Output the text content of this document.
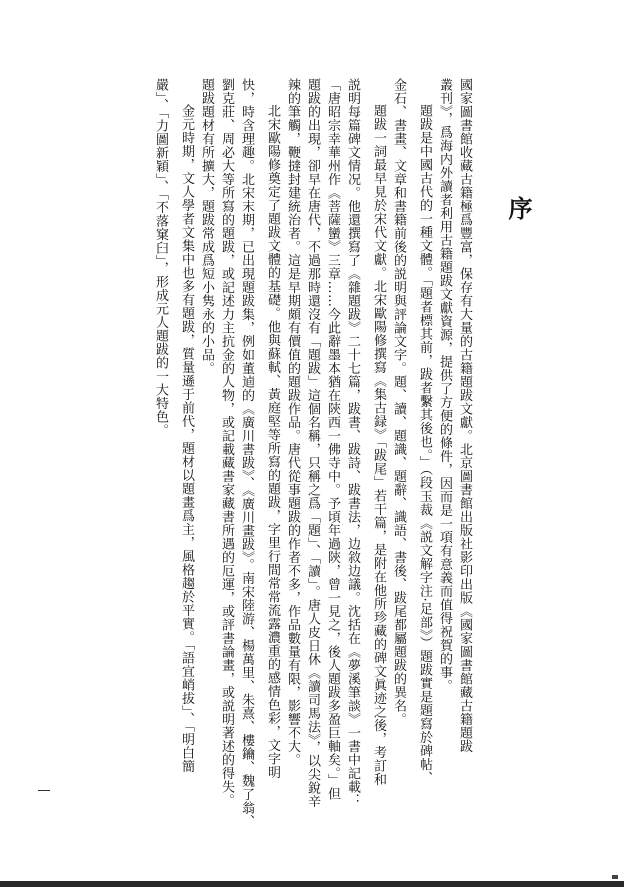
序
國家圖書館收藏古籍極爲豐富，保存有大量的古籍題跋文獻。北京圖書館出版社影印出版《國家圖書館藏古籍題跋
叢刊》，爲海内外讀者利用古籍題跋文獻資源，提供了方便的條件，因而是一項有意義而值得祝賀的事。
題跋是中國古代的一種文體。「題者標其前，跋者繫其後也。」（段玉裁《説文解字注·足部》）題跋實是題寫於碑帖、
金石、書畫、文章和書籍前後的説明與評論文字。題、讀、題識、題辭、識語、書後、跋尾都屬題跋的異名。
題跋一詞最早見於宋代文獻。北宋歐陽修撰寫《集古録》「跋尾」若干篇，是附在他所珍藏的碑文眞迹之後，考訂和
説明每篇碑文情况。他還撰寫了《雜題跋》二十七篇，跋書、跋詩、跋書法，边敘边議。沈括在《夢溪筆談》一書中記載：
「唐昭宗幸華州作《菩薩蠻》三章……今此辭墨本猶在陝西一佛寺中。予頃年過陝，曾一見之，後人題跋多盈巨軸矣。」但
題跋的出現，卻早在唐代，不過那時還沒有「題跋」這個名稱，只稱之爲「題」、「讀」。唐人皮日休《讀司馬法》，以尖銳辛
辣的筆觸，鞭撻封建統治者。這是早期頗有價值的題跋作品。唐代從事題跋的作者不多，作品數量有限，影響不大。
北宋歐陽修奠定了題跋文體的基礎。他與蘇軾、黃庭堅等所寫的題跋，字里行間常常流露濃重的感情色彩，文字明
快，時含理趣。北宋末期，已出現題跋集，例如董逌的《廣川書跋》、《廣川畫跋》。南宋陸游、楊萬里、朱熹、樓鑰、魏了翁、
劉克莊、周必大等所寫的題跋，或記述力主抗金的人物，或記載藏書家藏書所遇的厄運，或評書論畫，或説明著述的得失。
題跋題材有所擴大，題跋常成爲短小隽永的小品。
金元時期，文人學者文集中也多有題跋，質量遜于前代，題材以題畫爲主，風格趨於平實。「語宜峭拔」、「明白簡
嚴」、「力圖新穎」、「不落窠臼」，形成元人題跋的一大特色。
